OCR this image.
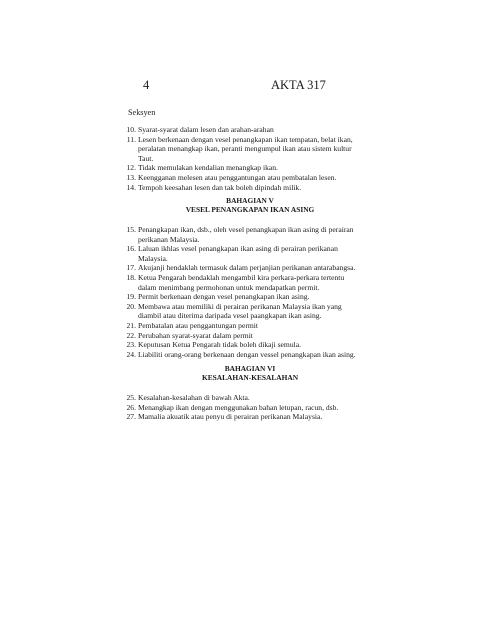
4	AKTA 317
Seksyen
10. Syarat-syarat dalam lesen dan arahan-arahan
11. Lesen berkenaan dengan vesel penangkapan ikan tempatan, belat ikan,
peralatan menangkap ikan, peranti mengumpul ikan atau sistem kultur
Taut.
12. Tidak memulakan kendalian menangkap ikan.
13. Keengganan melesen atau penggantungan atau pembatalan lesen.
14. Tempoh keesahan lesen dan tak boleh dipindah milik.
BAHAGIAN V
VESEL PENANGKAPAN IKAN ASING
15. Penangkapan ikan, dsb., oleh vesel penangkapan ikan asing di perairan
perikanan Malaysia.
16. Laluan ikhlas vesel penangkapan ikan asing di perairan perikanan
Malaysia.
17. Akujanji hendaklah termasuk dalam perjanjian perikanan antarabangsa.
18. Ketua Pengarah bendaklah mengambil kira perkara-perkara tertentu
dalam menimbang permohonan untuk mendapatkan permit.
19. Permit berkenaan dengan vesel penangkapan ikan asing.
20. Membawa atau memiliki di perairan perikanan Malaysia ikan yang
diambil atau diterima daripada vesel paangkapan ikan asing.
21. Pembatalan atau penggantungan permit
22. Perubahan syarat-syarat dalam permit
23. Keputusan Ketua Pengarah tidak boleh dikaji semula.
24. Liabiliti orang-orang berkenaan dengan vessel penangkapan ikan asing.
BAHAGIAN VI
KESALAHAN-KESALAHAN
25. Kesalahan-kesalahan di bawah Akta.
26. Menangkap ikan dengan menggunakan bahan letupan, racun, dsb.
27. Mamalia akuatik atau penyu di perairan perikanan Malaysia.
